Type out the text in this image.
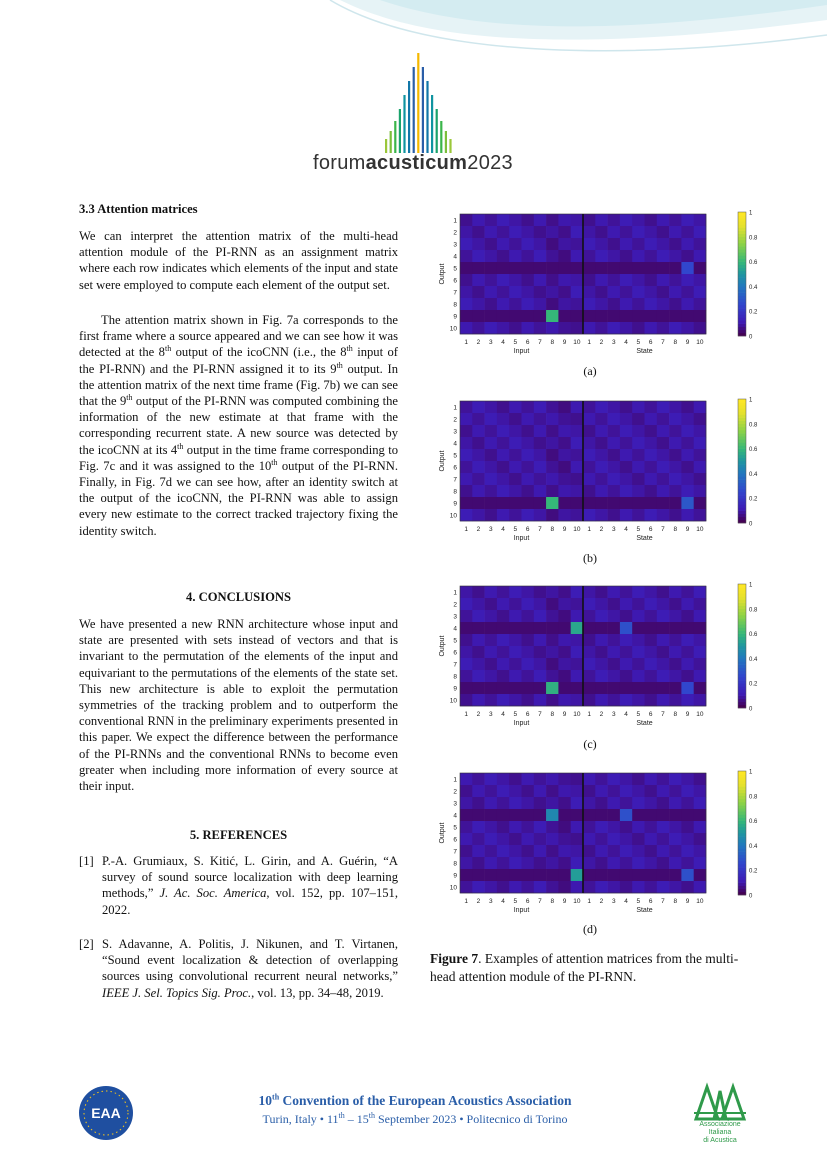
forumacusticum2023
3.3 Attention matrices
We can interpret the attention matrix of the multi-head attention module of the PI-RNN as an assignment matrix where each row indicates which elements of the input and state set were employed to compute each element of the output set.
The attention matrix shown in Fig. 7a corresponds to the first frame where a source appeared and we can see how it was detected at the 8th output of the icoCNN (i.e., the 8th input of the PI-RNN) and the PI-RNN assigned it to its 9th output. In the attention matrix of the next time frame (Fig. 7b) we can see that the 9th output of the PI-RNN was computed combining the information of the new estimate at that frame with the corresponding recurrent state. A new source was detected by the icoCNN at its 4th output in the time frame corresponding to Fig. 7c and it was assigned to the 10th output of the PI-RNN. Finally, in Fig. 7d we can see how, after an identity switch at the output of the icoCNN, the PI-RNN was able to assign every new estimate to the correct tracked trajectory fixing the identity switch.
4. CONCLUSIONS
We have presented a new RNN architecture whose input and state are presented with sets instead of vectors and that is invariant to the permutation of the elements of the input and equivariant to the permutations of the elements of the state set. This new architecture is able to exploit the permutation symmetries of the tracking problem and to outperform the conventional RNN in the preliminary experiments presented in this paper. We expect the difference between the performance of the PI-RNNs and the conventional RNNs to become even greater when including more information of every source at their input.
5. REFERENCES
[1] P.-A. Grumiaux, S. Kitić, L. Girin, and A. Guérin, “A survey of sound source localization with deep learning methods,” J. Ac. Soc. America, vol. 152, pp. 107–151, 2022.
[2] S. Adavanne, A. Politis, J. Nikunen, and T. Virtanen, “Sound event localization & detection of overlapping sources using convolutional recurrent neural networks,” IEEE J. Sel. Topics Sig. Proc., vol. 13, pp. 34–48, 2019.
1
2
3
4
5
6
7
8
9
10
1 2 3 4 5 6 7 8 9 10 1 2 3 4 5 6 7 8 9 10
Output
Input	State
0
0.2
0.4
0.6
0.8
1
(a)
1
2
3
4
5
6
7
8
9
10
1 2 3 4 5 6 7 8 9 10 1 2 3 4 5 6 7 8 9 10
Output
Input	State
0
0.2
0.4
0.6
0.8
1
(b)
1
2
3
4
5
6
7
8
9
10
1 2 3 4 5 6 7 8 9 10 1 2 3 4 5 6 7 8 9 10
Output
Input	State
0
0.2
0.4
0.6
0.8
1
(c)
1
2
3
4
5
6
7
8
9
10
1 2 3 4 5 6 7 8 9 10 1 2 3 4 5 6 7 8 9 10
Output
Input	State
0
0.2
0.4
0.6
0.8
1
(d)
Figure 7. Examples of attention matrices from the multi-head attention module of the PI-RNN.
EAA
10th Convention of the European Acoustics Association
Turin, Italy • 11th – 15th September 2023 • Politecnico di Torino	Associazione
Italiana
di Acustica
